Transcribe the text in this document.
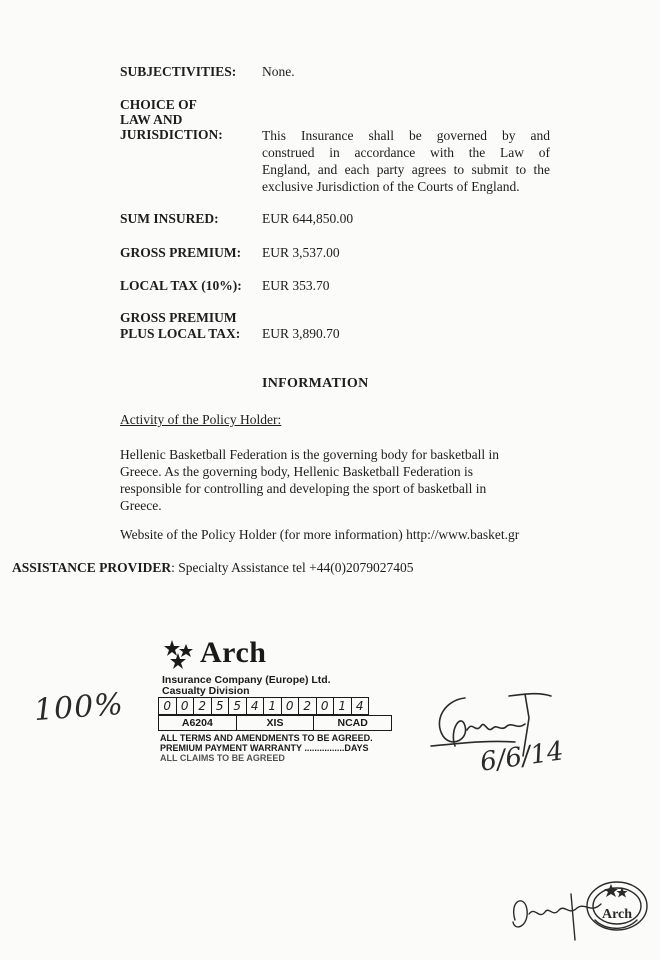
SUBJECTIVITIES: None.
CHOICE OF
LAW AND
JURISDICTION:	This Insurance shall be governed by and
construed in accordance with the Law of
England, and each party agrees to submit to the
exclusive Jurisdiction of the Courts of England.
SUM INSURED:	EUR 644,850.00
GROSS PREMIUM: EUR 3,537.00
LOCAL TAX (10%): EUR 353.70
GROSS PREMIUM
PLUS LOCAL TAX: EUR 3,890.70
INFORMATION
Activity of the Policy Holder:
Hellenic Basketball Federation is the governing body for basketball in
Greece. As the governing body, Hellenic Basketball Federation is
responsible for controlling and developing the sport of basketball in
Greece.
Website of the Policy Holder (for more information) http://www.basket.gr
ASSISTANCE PROVIDER: Specialty Assistance tel +44(0)2079027405
Arch
Insurance Company (Europe) Ltd.
Casualty Division
0 0 2 5 5 4 1 0 2 0 1 4
A6204	XIS	NCAD
ALL TERMS AND AMENDMENTS TO BE AGREED.
PREMIUM PAYMENT WARRANTY ................DAYS
ALL CLAIMS TO BE AGREED
100%
6/6/14
Arch
